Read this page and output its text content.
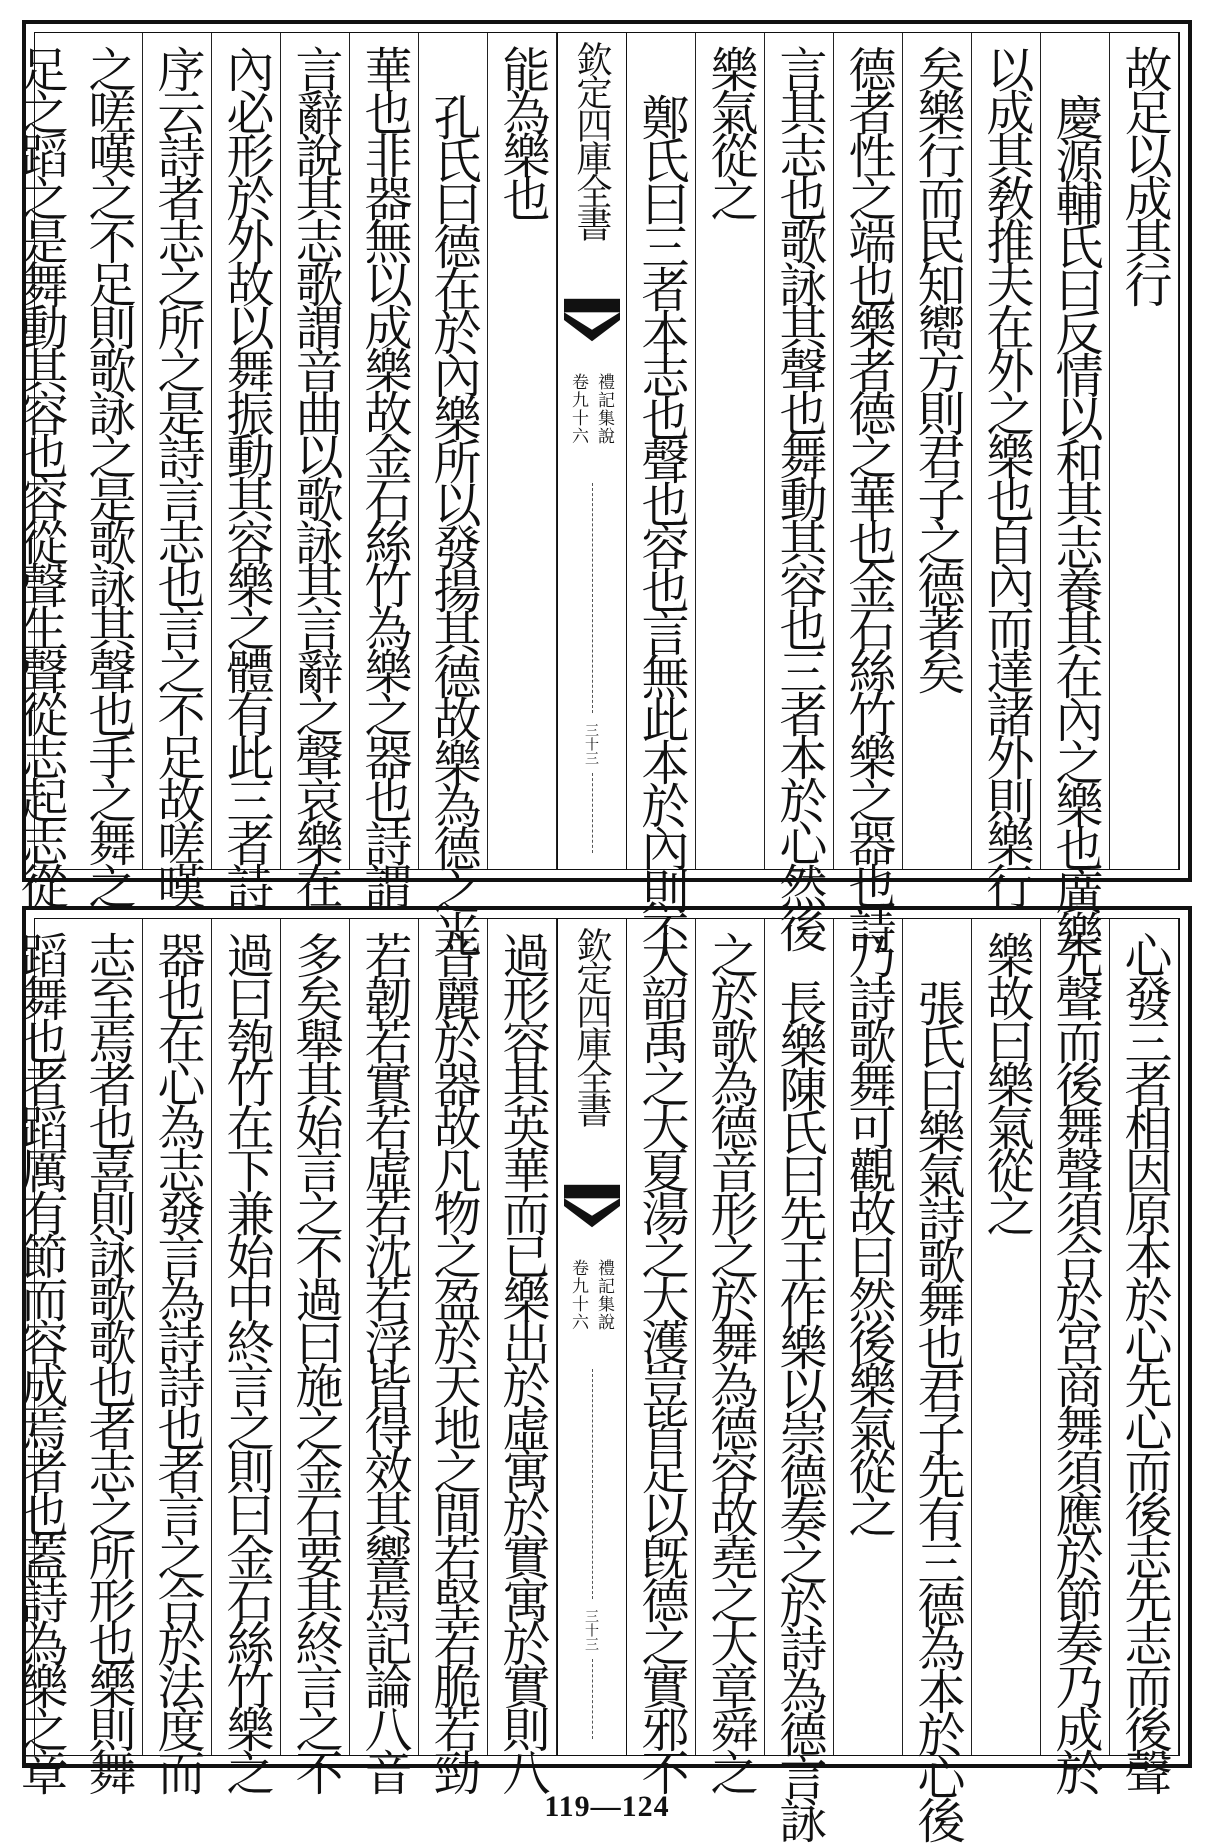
故足以成其行
慶源輔氏曰反情以和其志養其在內之樂也廣樂
以成其敎推夫在外之樂也自內而達諸外則樂行
矣樂行而民知嚮方則君子之德著矣
德者性之端也樂者德之華也金石絲竹樂之器也詩
言其志也歌詠其聲也舞動其容也三者本於心然後
樂氣從之
鄭氏曰三者本志也聲也容也言無此本於內則不
欽定四庫全書
禮記集說
卷九十六
三十三
能為樂也
孔氏曰德在於內樂所以發揚其德故樂為德之光
華也非器無以成樂故金石絲竹為樂之器也詩謂
言辭說其志歌謂音曲以歌詠其言辭之聲哀樂在
內必形於外故以舞振動其容樂之體有此三者詩
序云詩者志之所之是詩言志也言之不足故嗟嘆
之嗟嘆之不足則歌詠之是歌詠其聲也手之舞之
足之蹈之是舞動其容也容從聲生聲從志起志從
心發三者相因原本於心先心而後志先志而後聲
先聲而後舞聲須合於宮商舞須應於節奏乃成於
樂故曰樂氣從之
張氏曰樂氣詩歌舞也君子先有三德為本於心後
乃詩歌舞可觀故曰然後樂氣從之
長樂陳氏曰先王作樂以崇德奏之於詩為德言詠
之於歌為德音形之於舞為德容故堯之大章舜之
大韶禹之大夏湯之大濩豈皆足以旣德之實邪不
欽定四庫全書
禮記集說
卷九十六
三十三
過形容其英華而已樂出於虛寓於實寓於實則八
音麗於器故凡物之盈於天地之間若堅若脆若勁
若韌若實若虛若沈若浮皆得效其響焉記論八音
多矣舉其始言之不過曰施之金石要其終言之不
過曰匏竹在下兼始中終言之則曰金石絲竹樂之
器也在心為志發言為詩詩也者言之合於法度而
志至焉者也喜則詠歌歌也者志之所形也樂則舞
蹈舞也者蹈厲有節而容成焉者也蓋詩為樂之章
119—124
